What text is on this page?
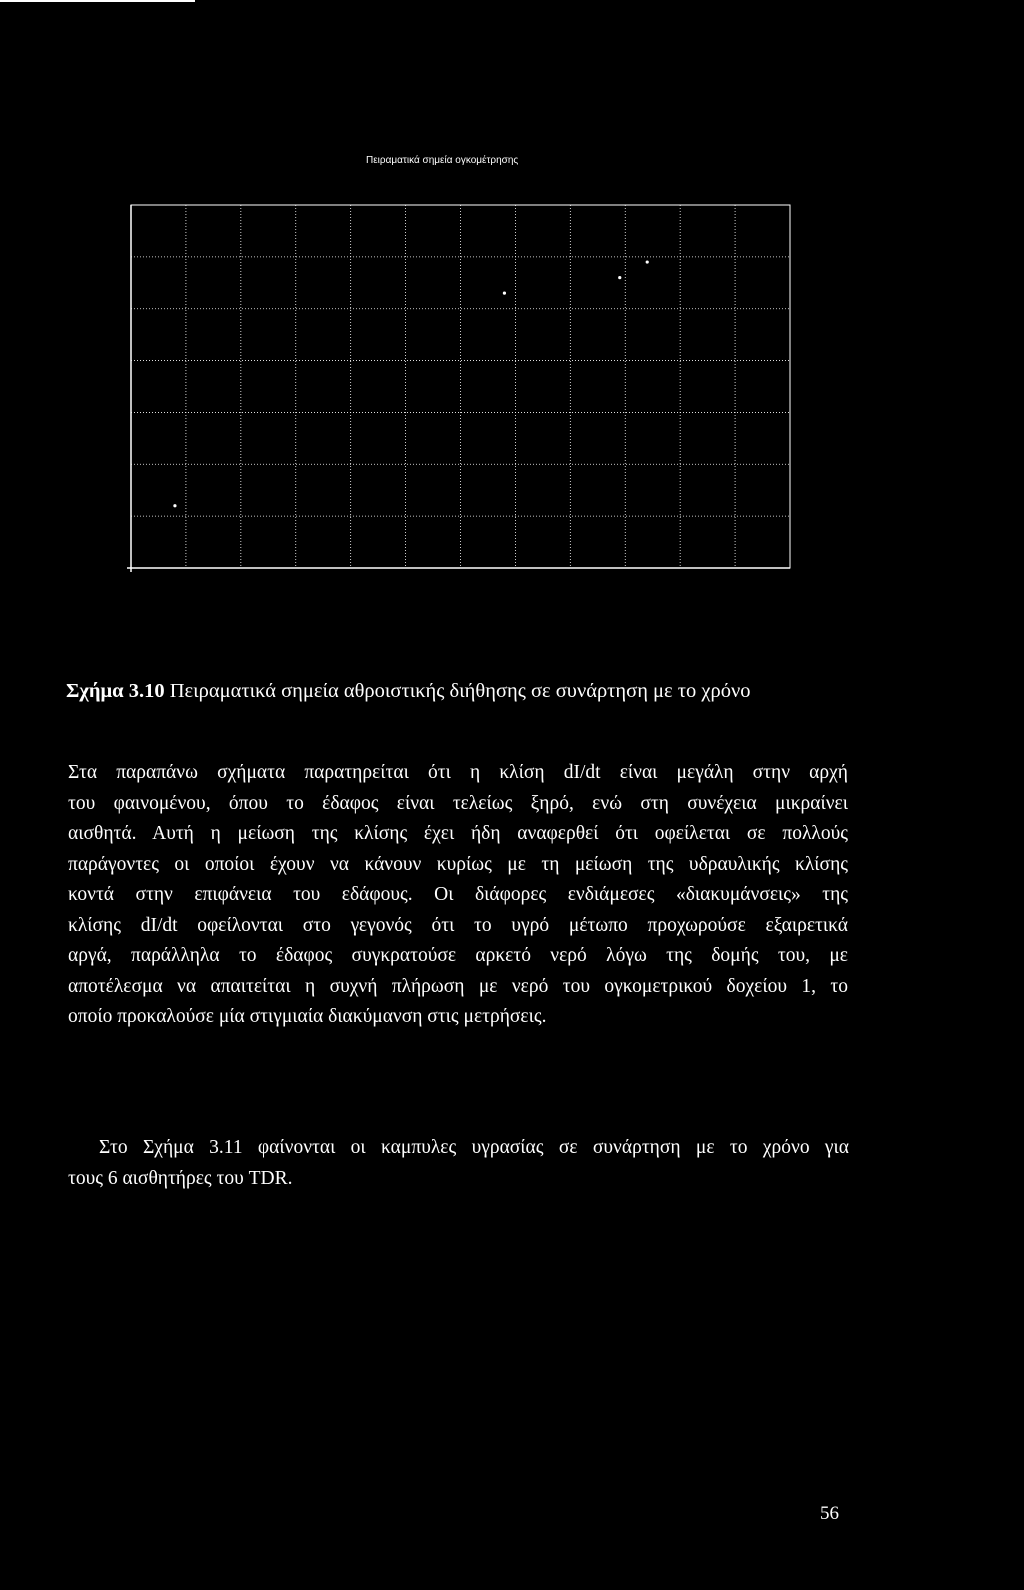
Πειραματικά σημεία ογκομέτρησης
Σχήμα 3.10 Πειραματικά σημεία αθροιστικής διήθησης σε συνάρτηση με το χρόνο
Στα παραπάνω σχήματα παρατηρείται ότι η κλίση dI/dt είναι μεγάλη στην αρχή
του φαινομένου, όπου το έδαφος είναι τελείως ξηρό, ενώ στη συνέχεια μικραίνει
αισθητά. Αυτή η μείωση της κλίσης έχει ήδη αναφερθεί ότι οφείλεται σε πολλούς
παράγοντες οι οποίοι έχουν να κάνουν κυρίως με τη μείωση της υδραυλικής κλίσης
κοντά στην επιφάνεια του εδάφους. Οι διάφορες ενδιάμεσες «διακυμάνσεις» της
κλίσης dI/dt οφείλονται στο γεγονός ότι το υγρό μέτωπο προχωρούσε εξαιρετικά
αργά, παράλληλα το έδαφος συγκρατούσε αρκετό νερό λόγω της δομής του, με
αποτέλεσμα να απαιτείται η συχνή πλήρωση με νερό του ογκομετρικού δοχείου 1, το
οποίο προκαλούσε μία στιγμιαία διακύμανση στις μετρήσεις.
Στο Σχήμα 3.11 φαίνονται οι καμπυλες υγρασίας σε συνάρτηση με το χρόνο για
τους 6 αισθητήρες του TDR.
56
